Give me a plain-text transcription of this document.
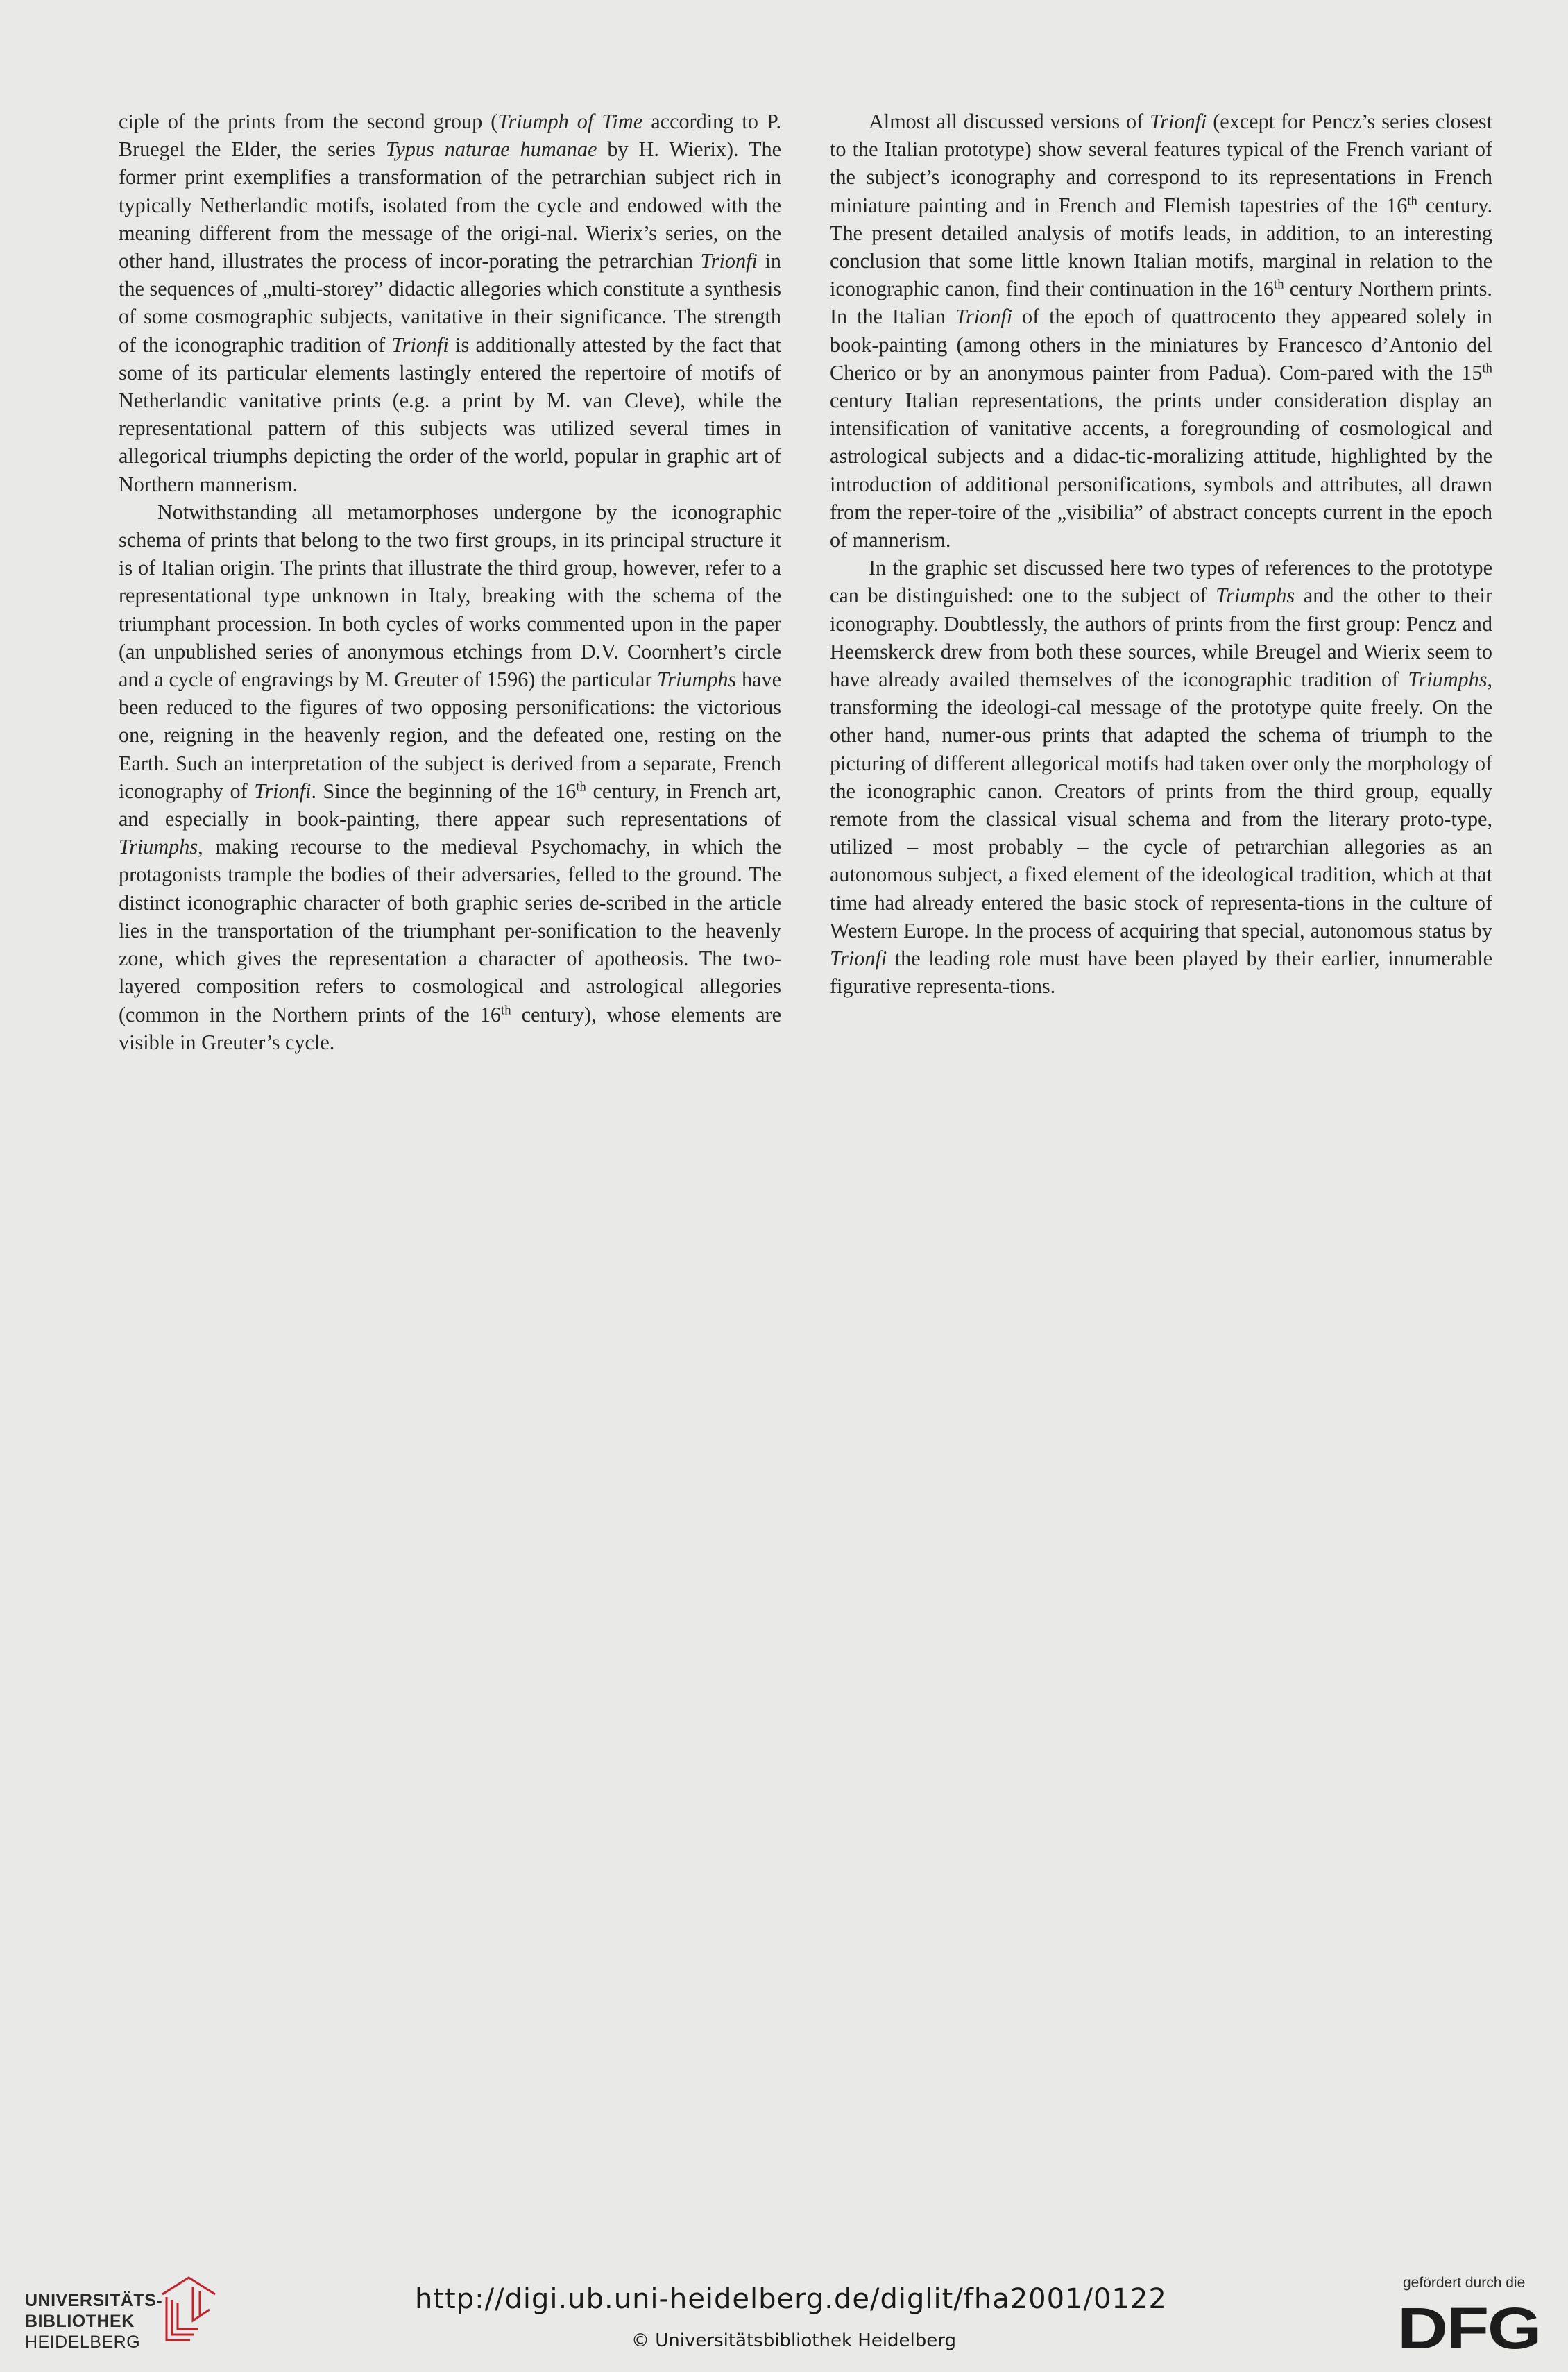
ciple of the prints from the second group (Triumph of Time according to P. Bruegel the Elder, the series Typus naturae humanae by H. Wierix). The former print exemplifies a transformation of the petrarchian subject rich in typically Netherlandic motifs, isolated from the cycle and endowed with the meaning different from the message of the origi-nal. Wierix’s series, on the other hand, illustrates the process of incor-porating the petrarchian Trionfi in the sequences of „multi-storey” didactic allegories which constitute a synthesis of some cosmographic subjects, vanitative in their significance. The strength of the iconographic tradition of Trionfi is additionally attested by the fact that some of its particular elements lastingly entered the repertoire of motifs of Netherlandic vanitative prints (e.g. a print by M. van Cleve), while the representational pattern of this subjects was utilized several times in allegorical triumphs depicting the order of the world, popular in graphic art of Northern mannerism.

Notwithstanding all metamorphoses undergone by the iconographic schema of prints that belong to the two first groups, in its principal structure it is of Italian origin. The prints that illustrate the third group, however, refer to a representational type unknown in Italy, breaking with the schema of the triumphant procession. In both cycles of works commented upon in the paper (an unpublished series of anonymous etchings from D.V. Coornhert’s circle and a cycle of engravings by M. Greuter of 1596) the particular Triumphs have been reduced to the figures of two opposing personifications: the victorious one, reigning in the heavenly region, and the defeated one, resting on the Earth. Such an interpretation of the subject is derived from a separate, French iconography of Trionfi. Since the beginning of the 16th century, in French art, and especially in book-painting, there appear such representations of Triumphs, making recourse to the medieval Psychomachy, in which the protagonists trample the bodies of their adversaries, felled to the ground. The distinct iconographic character of both graphic series de-scribed in the article lies in the transportation of the triumphant per-sonification to the heavenly zone, which gives the representation a character of apotheosis. The two-layered composition refers to cosmological and astrological allegories (common in the Northern prints of the 16th century), whose elements are visible in Greuter’s cycle.

Almost all discussed versions of Trionfi (except for Pencz’s series closest to the Italian prototype) show several features typical of the French variant of the subject’s iconography and correspond to its representations in French miniature painting and in French and Flemish tapestries of the 16th century. The present detailed analysis of motifs leads, in addition, to an interesting conclusion that some little known Italian motifs, marginal in relation to the iconographic canon, find their continuation in the 16th century Northern prints. In the Italian Trionfi of the epoch of quattrocento they appeared solely in book-painting (among others in the miniatures by Francesco d’Antonio del Cherico or by an anonymous painter from Padua). Com-pared with the 15th century Italian representations, the prints under consideration display an intensification of vanitative accents, a foregrounding of cosmological and astrological subjects and a didac-tic-moralizing attitude, highlighted by the introduction of additional personifications, symbols and attributes, all drawn from the reper-toire of the „visibilia” of abstract concepts current in the epoch of mannerism.

In the graphic set discussed here two types of references to the prototype can be distinguished: one to the subject of Triumphs and the other to their iconography. Doubtlessly, the authors of prints from the first group: Pencz and Heemskerck drew from both these sources, while Breugel and Wierix seem to have already availed themselves of the iconographic tradition of Triumphs, transforming the ideologi-cal message of the prototype quite freely. On the other hand, numer-ous prints that adapted the schema of triumph to the picturing of different allegorical motifs had taken over only the morphology of the iconographic canon. Creators of prints from the third group, equally remote from the classical visual schema and from the literary proto-type, utilized – most probably – the cycle of petrarchian allegories as an autonomous subject, a fixed element of the ideological tradition, which at that time had already entered the basic stock of representa-tions in the culture of Western Europe. In the process of acquiring that special, autonomous status by Trionfi the leading role must have been played by their earlier, innumerable figurative representa-tions.

UNIVERSITÄTS-
BIBLIOTHEK
HEIDELBERG
http://digi.ub.uni-heidelberg.de/diglit/fha2001/0122
© Universitätsbibliothek Heidelberg
gefördert durch die
DFG
